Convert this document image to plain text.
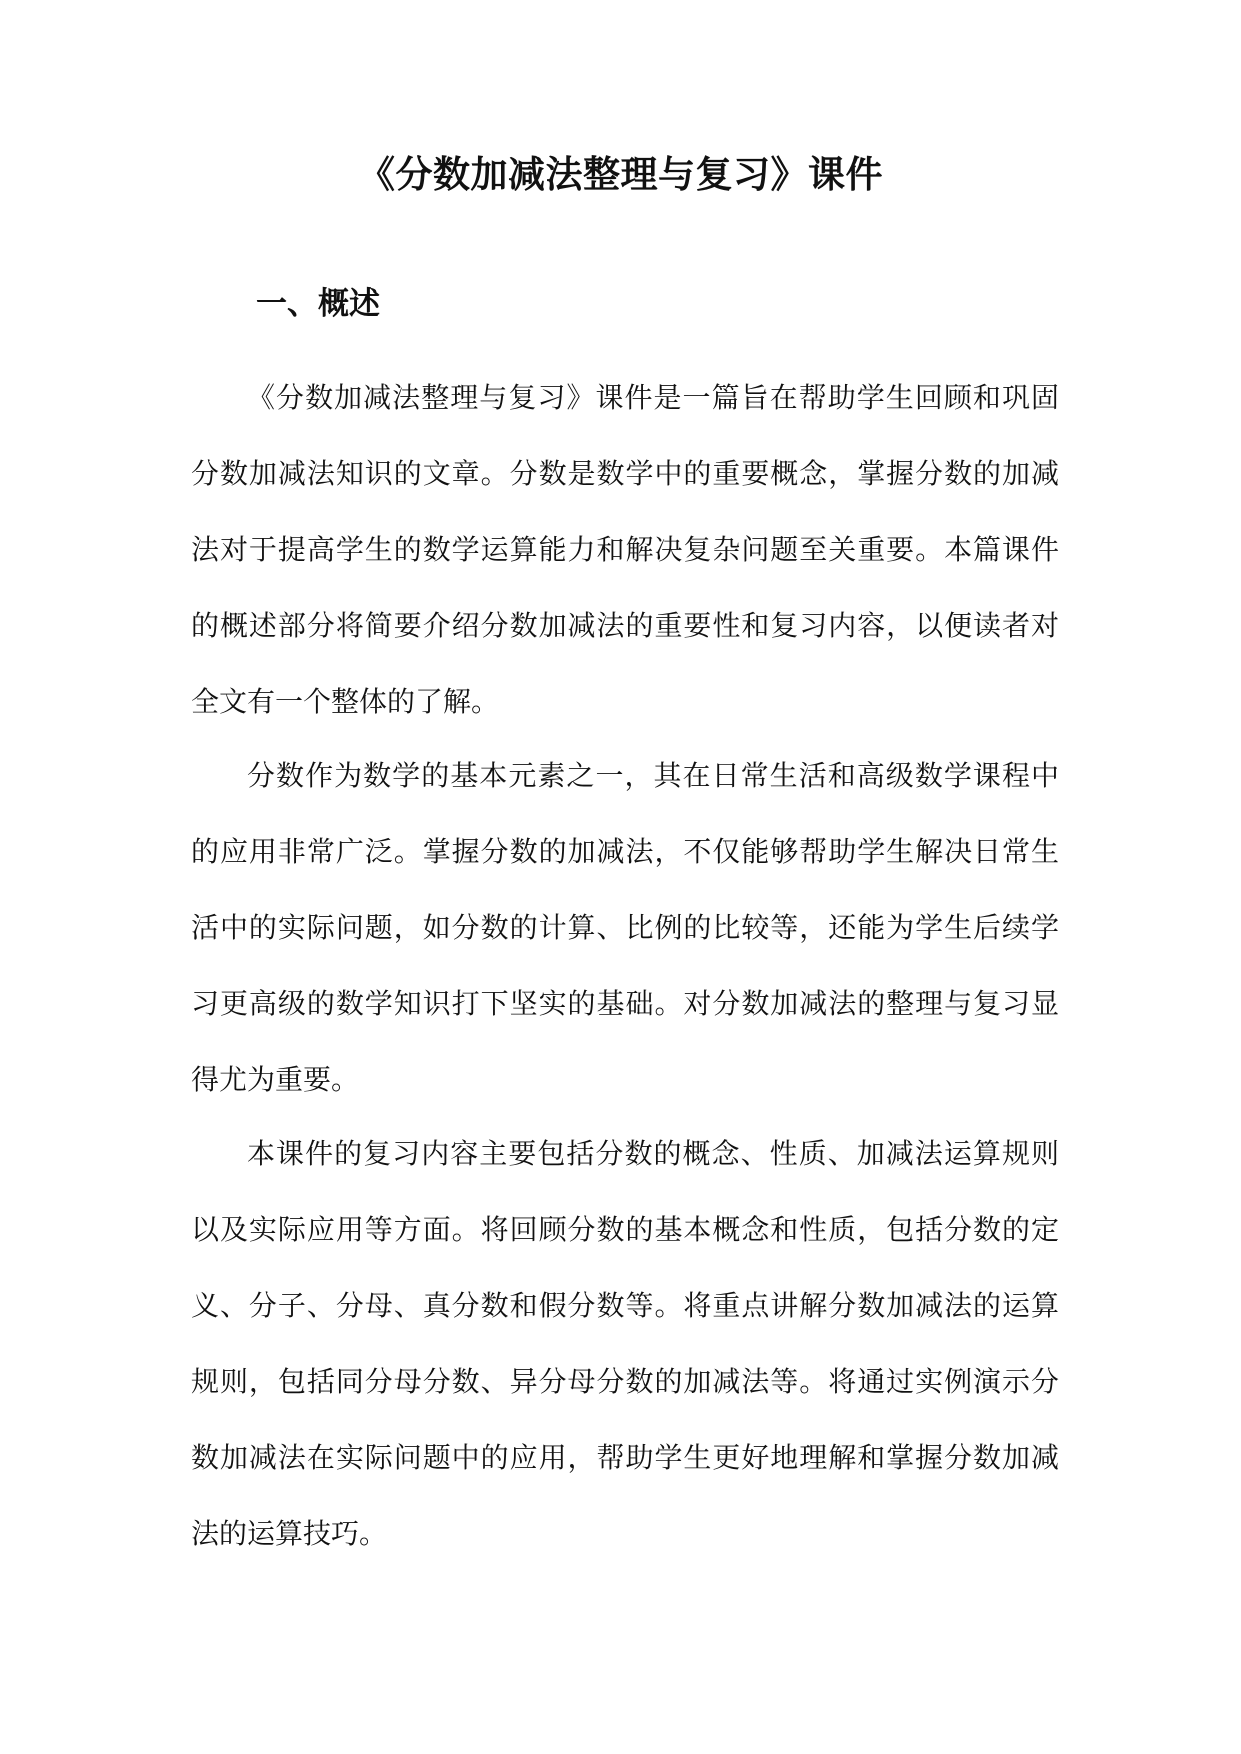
《分数加减法整理与复习》课件
一、概述
《分数加减法整理与复习》课件是一篇旨在帮助学生回顾和巩固
分数加减法知识的文章。分数是数学中的重要概念，掌握分数的加减
法对于提高学生的数学运算能力和解决复杂问题至关重要。本篇课件
的概述部分将简要介绍分数加减法的重要性和复习内容，以便读者对
全文有一个整体的了解。
分数作为数学的基本元素之一，其在日常生活和高级数学课程中
的应用非常广泛。掌握分数的加减法，不仅能够帮助学生解决日常生
活中的实际问题，如分数的计算、比例的比较等，还能为学生后续学
习更高级的数学知识打下坚实的基础。对分数加减法的整理与复习显
得尤为重要。
本课件的复习内容主要包括分数的概念、性质、加减法运算规则
以及实际应用等方面。将回顾分数的基本概念和性质，包括分数的定
义、分子、分母、真分数和假分数等。将重点讲解分数加减法的运算
规则，包括同分母分数、异分母分数的加减法等。将通过实例演示分
数加减法在实际问题中的应用，帮助学生更好地理解和掌握分数加减
法的运算技巧。
